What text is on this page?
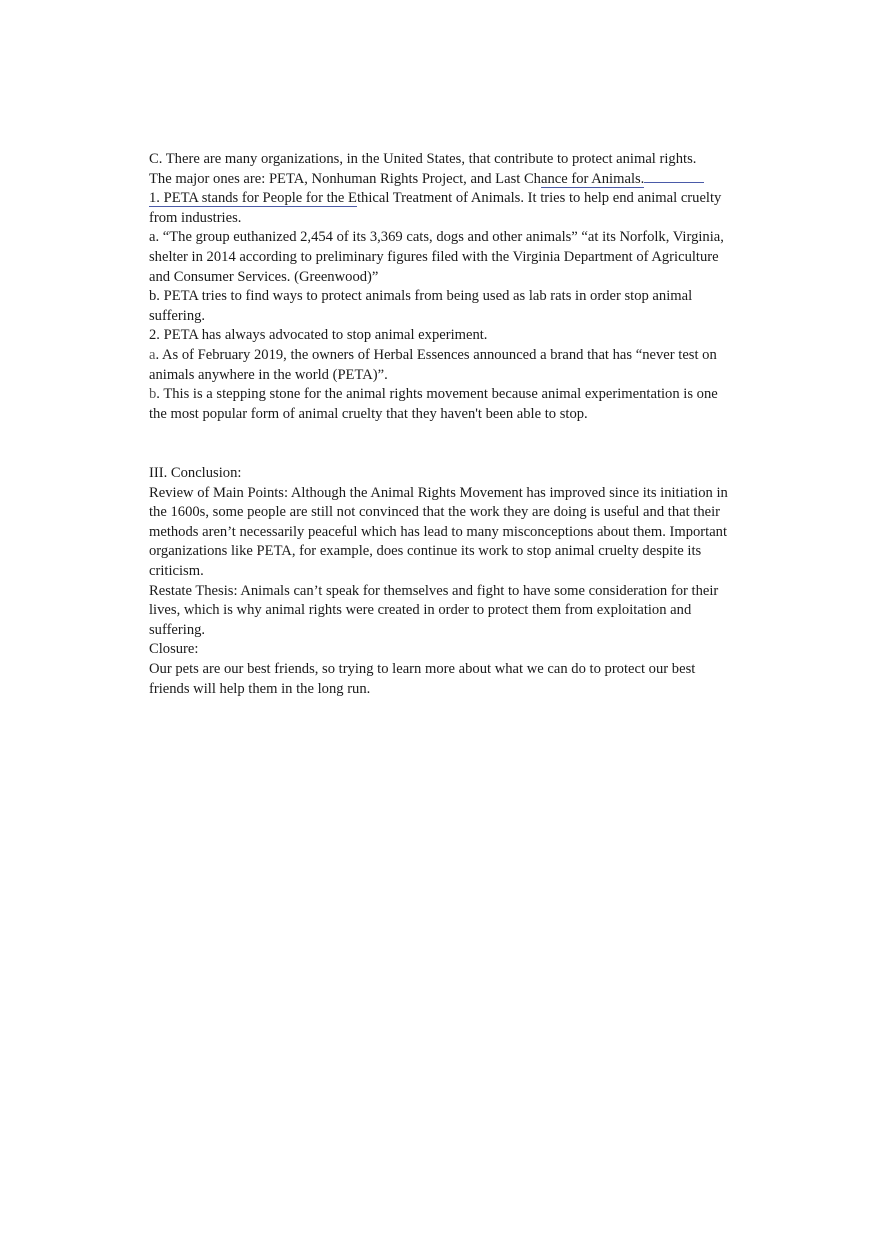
C. There are many organizations, in the United States, that contribute to protect animal rights.
The major ones are: PETA, Nonhuman Rights Project, and Last Chance for Animals.

1. PETA stands for People for the Ethical Treatment of Animals. It tries to help end animal cruelty from industries.

a. “The group euthanized 2,454 of its 3,369 cats, dogs and other animals” “at its Norfolk, Virginia, shelter in 2014 according to preliminary figures filed with the Virginia Department of Agriculture and Consumer Services. (Greenwood)”

b. PETA tries to find ways to protect animals from being used as lab rats in order stop animal suffering.

2. PETA has always advocated to stop animal experiment.

a. As of February 2019, the owners of Herbal Essences announced a brand that has “never test on animals anywhere in the world (PETA)”.

b. This is a stepping stone for the animal rights movement because animal experimentation is one the most popular form of animal cruelty that they haven't been able to stop.

III. Conclusion:

Review of Main Points: Although the Animal Rights Movement has improved since its initiation in the 1600s, some people are still not convinced that the work they are doing is useful and that their methods aren’t necessarily peaceful which has lead to many misconceptions about them. Important organizations like PETA, for example, does continue its work to stop animal cruelty despite its criticism.

Restate Thesis: Animals can’t speak for themselves and fight to have some consideration for their lives, which is why animal rights were created in order to protect them from exploitation and suffering.

Closure:

Our pets are our best friends, so trying to learn more about what we can do to protect our best friends will help them in the long run.
